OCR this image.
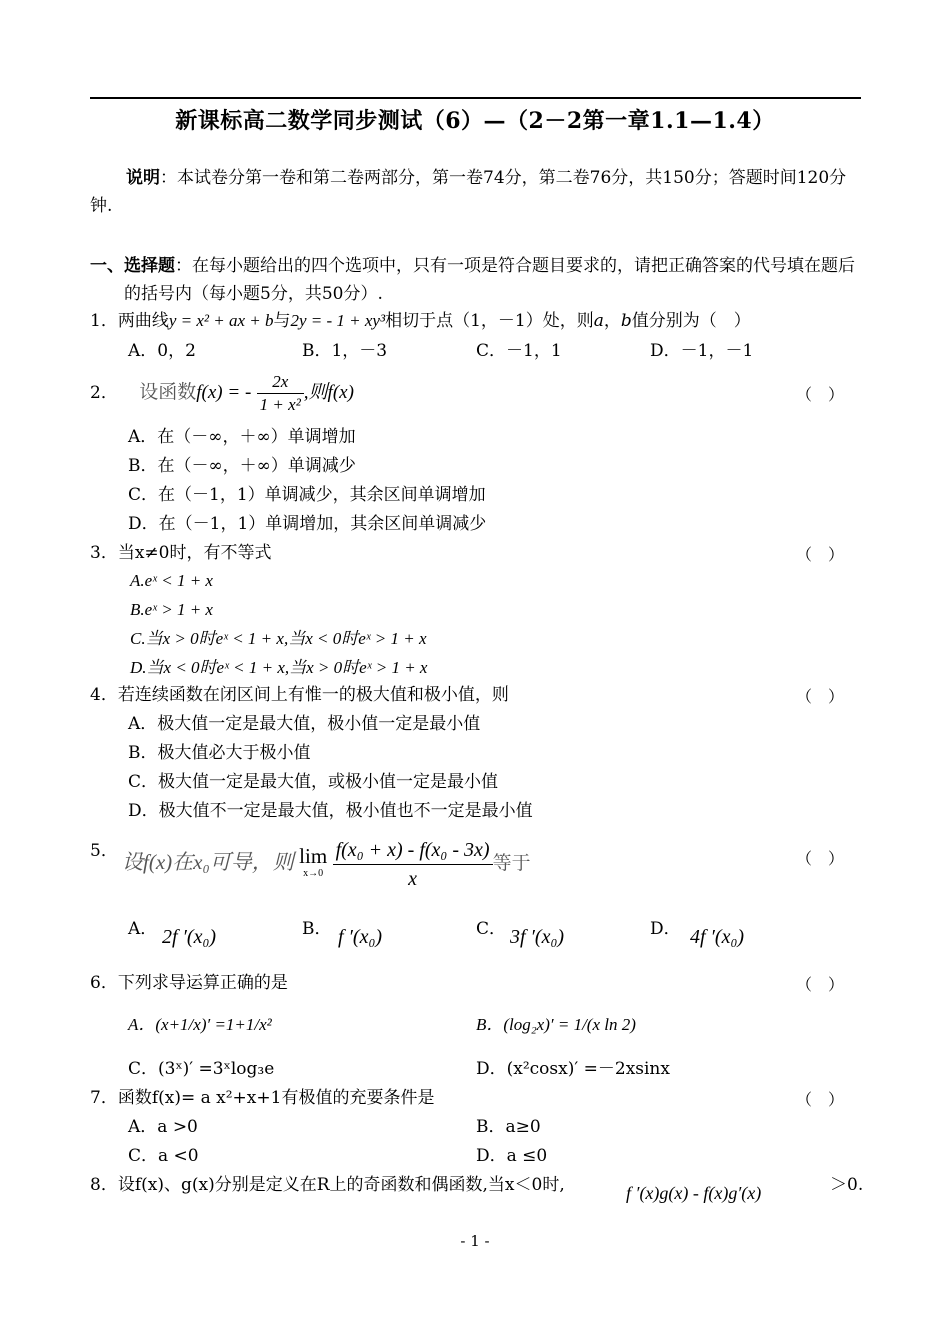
新课标高二数学同步测试（6）—（2－2第一章1.1—1.4）
说明：本试卷分第一卷和第二卷两部分，第一卷74分，第二卷76分，共150分；答题时间120分钟.
一、选择题：在每小题给出的四个选项中，只有一项是符合题目要求的，请把正确答案的代号填在题后的括号内（每小题5分，共50分）.
1．两曲线y = x² + ax + b与2y = - 1 + xy³相切于点（1，－1）处，则a，b值分别为（　）
A．0，2	B．1，－3	C．－1，1	D．－1，－1
2． 设函数f(x) = - $\frac{2x}{\text{1 + x²}}$ ,则f(x)	（　）
A．在（－∞，＋∞）单调增加
B．在（－∞，＋∞）单调减少
C．在（－1，1）单调减少，其余区间单调增加
D．在（－1，1）单调增加，其余区间单调减少
3．当x≠0时，有不等式	（　）
A.eˣ < 1 + x
B.eˣ > 1 + x
C.当x > 0时eˣ < 1 + x,当x < 0时eˣ > 1 + x
D.当x < 0时eˣ < 1 + x,当x > 0时eˣ > 1 + x
4．若连续函数在闭区间上有惟一的极大值和极小值，则	（　）
A．极大值一定是最大值，极小值一定是最小值
B．极大值必大于极小值
C．极大值一定是最大值，或极小值一定是最小值
D．极大值不一定是最大值，极小值也不一定是最小值
5． 设f(x)在x₀可导，则 lim
x→0
$\frac{\text{f(x₀ + x) - f(x₀ - 3x)}}{x}$ 等于	（　）
A． 2f ′(x₀)	B． f ′(x₀)	C． 3f ′(x₀)	D． 4f ′(x₀)
6．下列求导运算正确的是	（　）
A．(x+1/x)′ =1+1/x²	B．(log₂x)′ = 1/(x ln 2)
C．(3ˣ)′ =3ˣlog₃e	D．(x²cosx)′ =－2xsinx
7．函数f(x)= a x²+x+1有极值的充要条件是	（　）
A．a >0	B．a≥0
C．a <0	D．a ≤0
8．设f(x)、g(x)分别是定义在R上的奇函数和偶函数,当x＜0时,	f ′(x)g(x) - f(x)g′(x)	＞0.
- 1 -
